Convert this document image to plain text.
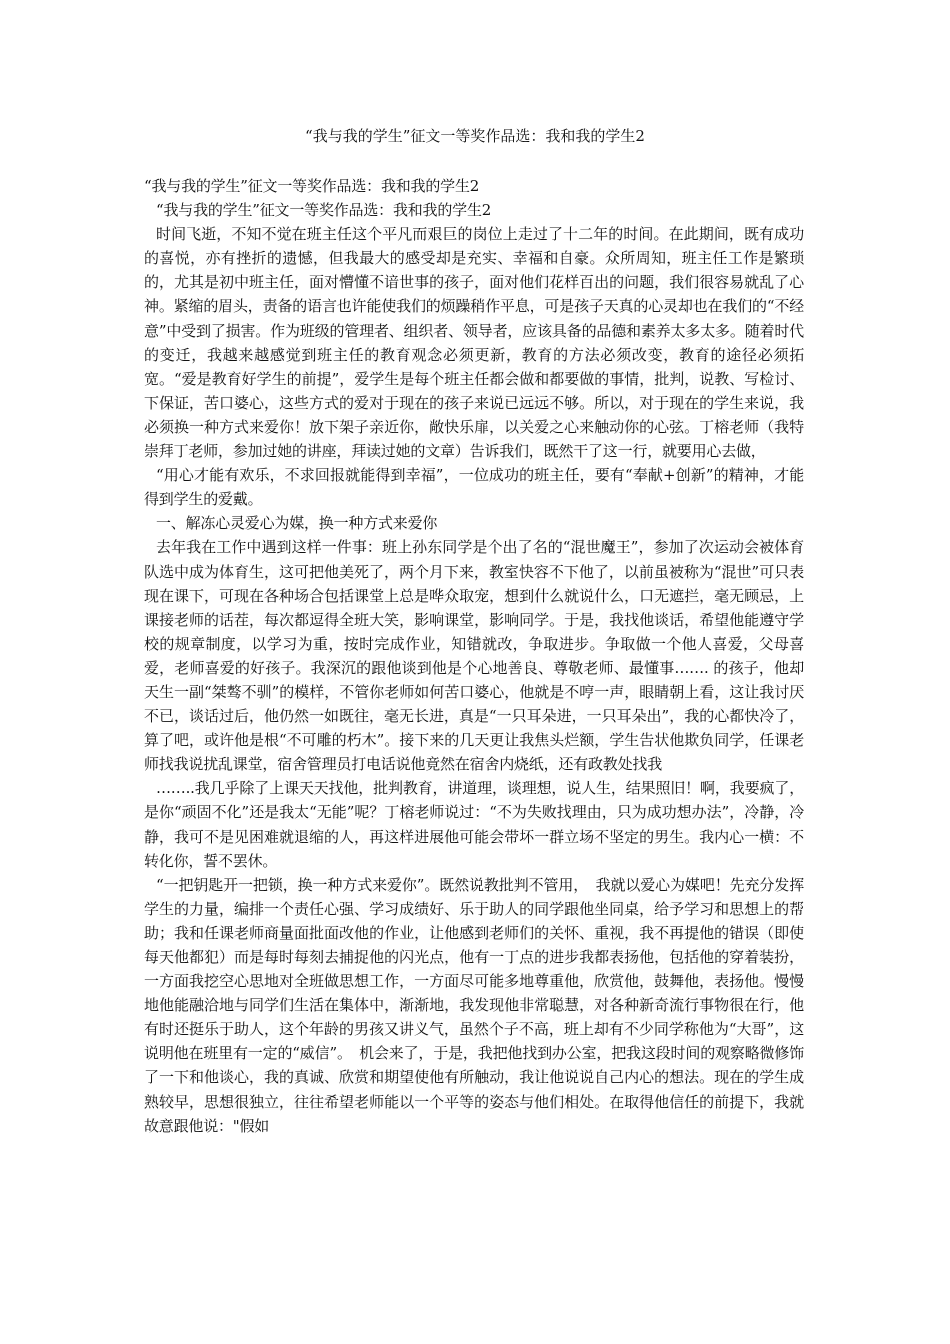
“我与我的学生”征文一等奖作品选：我和我的学生2

“我与我的学生”征文一等奖作品选：我和我的学生2

“我与我的学生”征文一等奖作品选：我和我的学生2

时间飞逝，不知不觉在班主任这个平凡而艰巨的岗位上走过了十二年的时间。在此期间，既有成功的喜悦，亦有挫折的遗憾，但我最大的感受却是充实、幸福和自豪。众所周知，班主任工作是繁琐的，尤其是初中班主任，面对懵懂不谙世事的孩子，面对他们花样百出的问题，我们很容易就乱了心神。紧缩的眉头，责备的语言也许能使我们的烦躁稍作平息，可是孩子天真的心灵却也在我们的“不经意”中受到了损害。作为班级的管理者、组织者、领导者，应该具备的品德和素养太多太多。随着时代的变迁，我越来越感觉到班主任的教育观念必须更新，教育的方法必须改变，教育的途径必须拓宽。“爱是教育好学生的前提”，爱学生是每个班主任都会做和都要做的事情，批判，说教、写检讨、下保证，苦口婆心，这些方式的爱对于现在的孩子来说已远远不够。所以，对于现在的学生来说，我必须换一种方式来爱你！放下架子亲近你，敞快乐扉，以关爱之心来触动你的心弦。丁榕老师（我特崇拜丁老师，参加过她的讲座，拜读过她的文章）告诉我们，既然干了这一行，就要用心去做，

“用心才能有欢乐，不求回报就能得到幸福”，一位成功的班主任，要有“奉献+创新”的精神，才能得到学生的爱戴。

一、解冻心灵爱心为媒，换一种方式来爱你

去年我在工作中遇到这样一件事：班上孙东同学是个出了名的“混世魔王”，参加了次运动会被体育队选中成为体育生，这可把他美死了，两个月下来，教室快容不下他了，以前虽被称为“混世”可只表现在课下，可现在各种场合包括课堂上总是哗众取宠，想到什么就说什么，口无遮拦，毫无顾忌，上课接老师的话茬，每次都逗得全班大笑，影响课堂，影响同学。于是，我找他谈话，希望他能遵守学校的规章制度，以学习为重，按时完成作业，知错就改，争取进步。争取做一个他人喜爱，父母喜爱，老师喜爱的好孩子。我深沉的跟他谈到他是个心地善良、尊敬老师、最懂事……. 的孩子，他却天生一副“桀骜不驯”的模样，不管你老师如何苦口婆心，他就是不哼一声，眼睛朝上看，这让我讨厌不已，谈话过后，他仍然一如既往，毫无长进，真是“一只耳朵进，一只耳朵出”，我的心都快冷了，算了吧，或许他是根“不可雕的朽木”。接下来的几天更让我焦头烂额，学生告状他欺负同学，任课老师找我说扰乱课堂，宿舍管理员打电话说他竟然在宿舍内烧纸，还有政教处找我

……..我几乎除了上课天天找他，批判教育，讲道理，谈理想，说人生，结果照旧！啊，我要疯了，是你“顽固不化”还是我太“无能”呢？丁榕老师说过：“不为失败找理由，只为成功想办法”，冷静，冷静，我可不是见困难就退缩的人，再这样进展他可能会带坏一群立场不坚定的男生。我内心一横：不转化你，誓不罢休。

“一把钥匙开一把锁，换一种方式来爱你”。既然说教批判不管用，　我就以爱心为媒吧！先充分发挥学生的力量，编排一个责任心强、学习成绩好、乐于助人的同学跟他坐同桌，给予学习和思想上的帮助；我和任课老师商量面批面改他的作业，让他感到老师们的关怀、重视，我不再提他的错误（即使每天他都犯）而是每时每刻去捕捉他的闪光点，他有一丁点的进步我都表扬他，包括他的穿着装扮，一方面我挖空心思地对全班做思想工作，一方面尽可能多地尊重他，欣赏他，鼓舞他，表扬他。慢慢地他能融洽地与同学们生活在集体中，渐渐地，我发现他非常聪慧，对各种新奇流行事物很在行，他有时还挺乐于助人，这个年龄的男孩又讲义气，虽然个子不高，班上却有不少同学称他为“大哥”，这说明他在班里有一定的“威信”。　机会来了，于是，我把他找到办公室，把我这段时间的观察略微修饰了一下和他谈心，我的真诚、欣赏和期望使他有所触动，我让他说说自己内心的想法。现在的学生成熟较早，思想很独立，往往希望老师能以一个平等的姿态与他们相处。在取得他信任的前提下，我就故意跟他说："假如
